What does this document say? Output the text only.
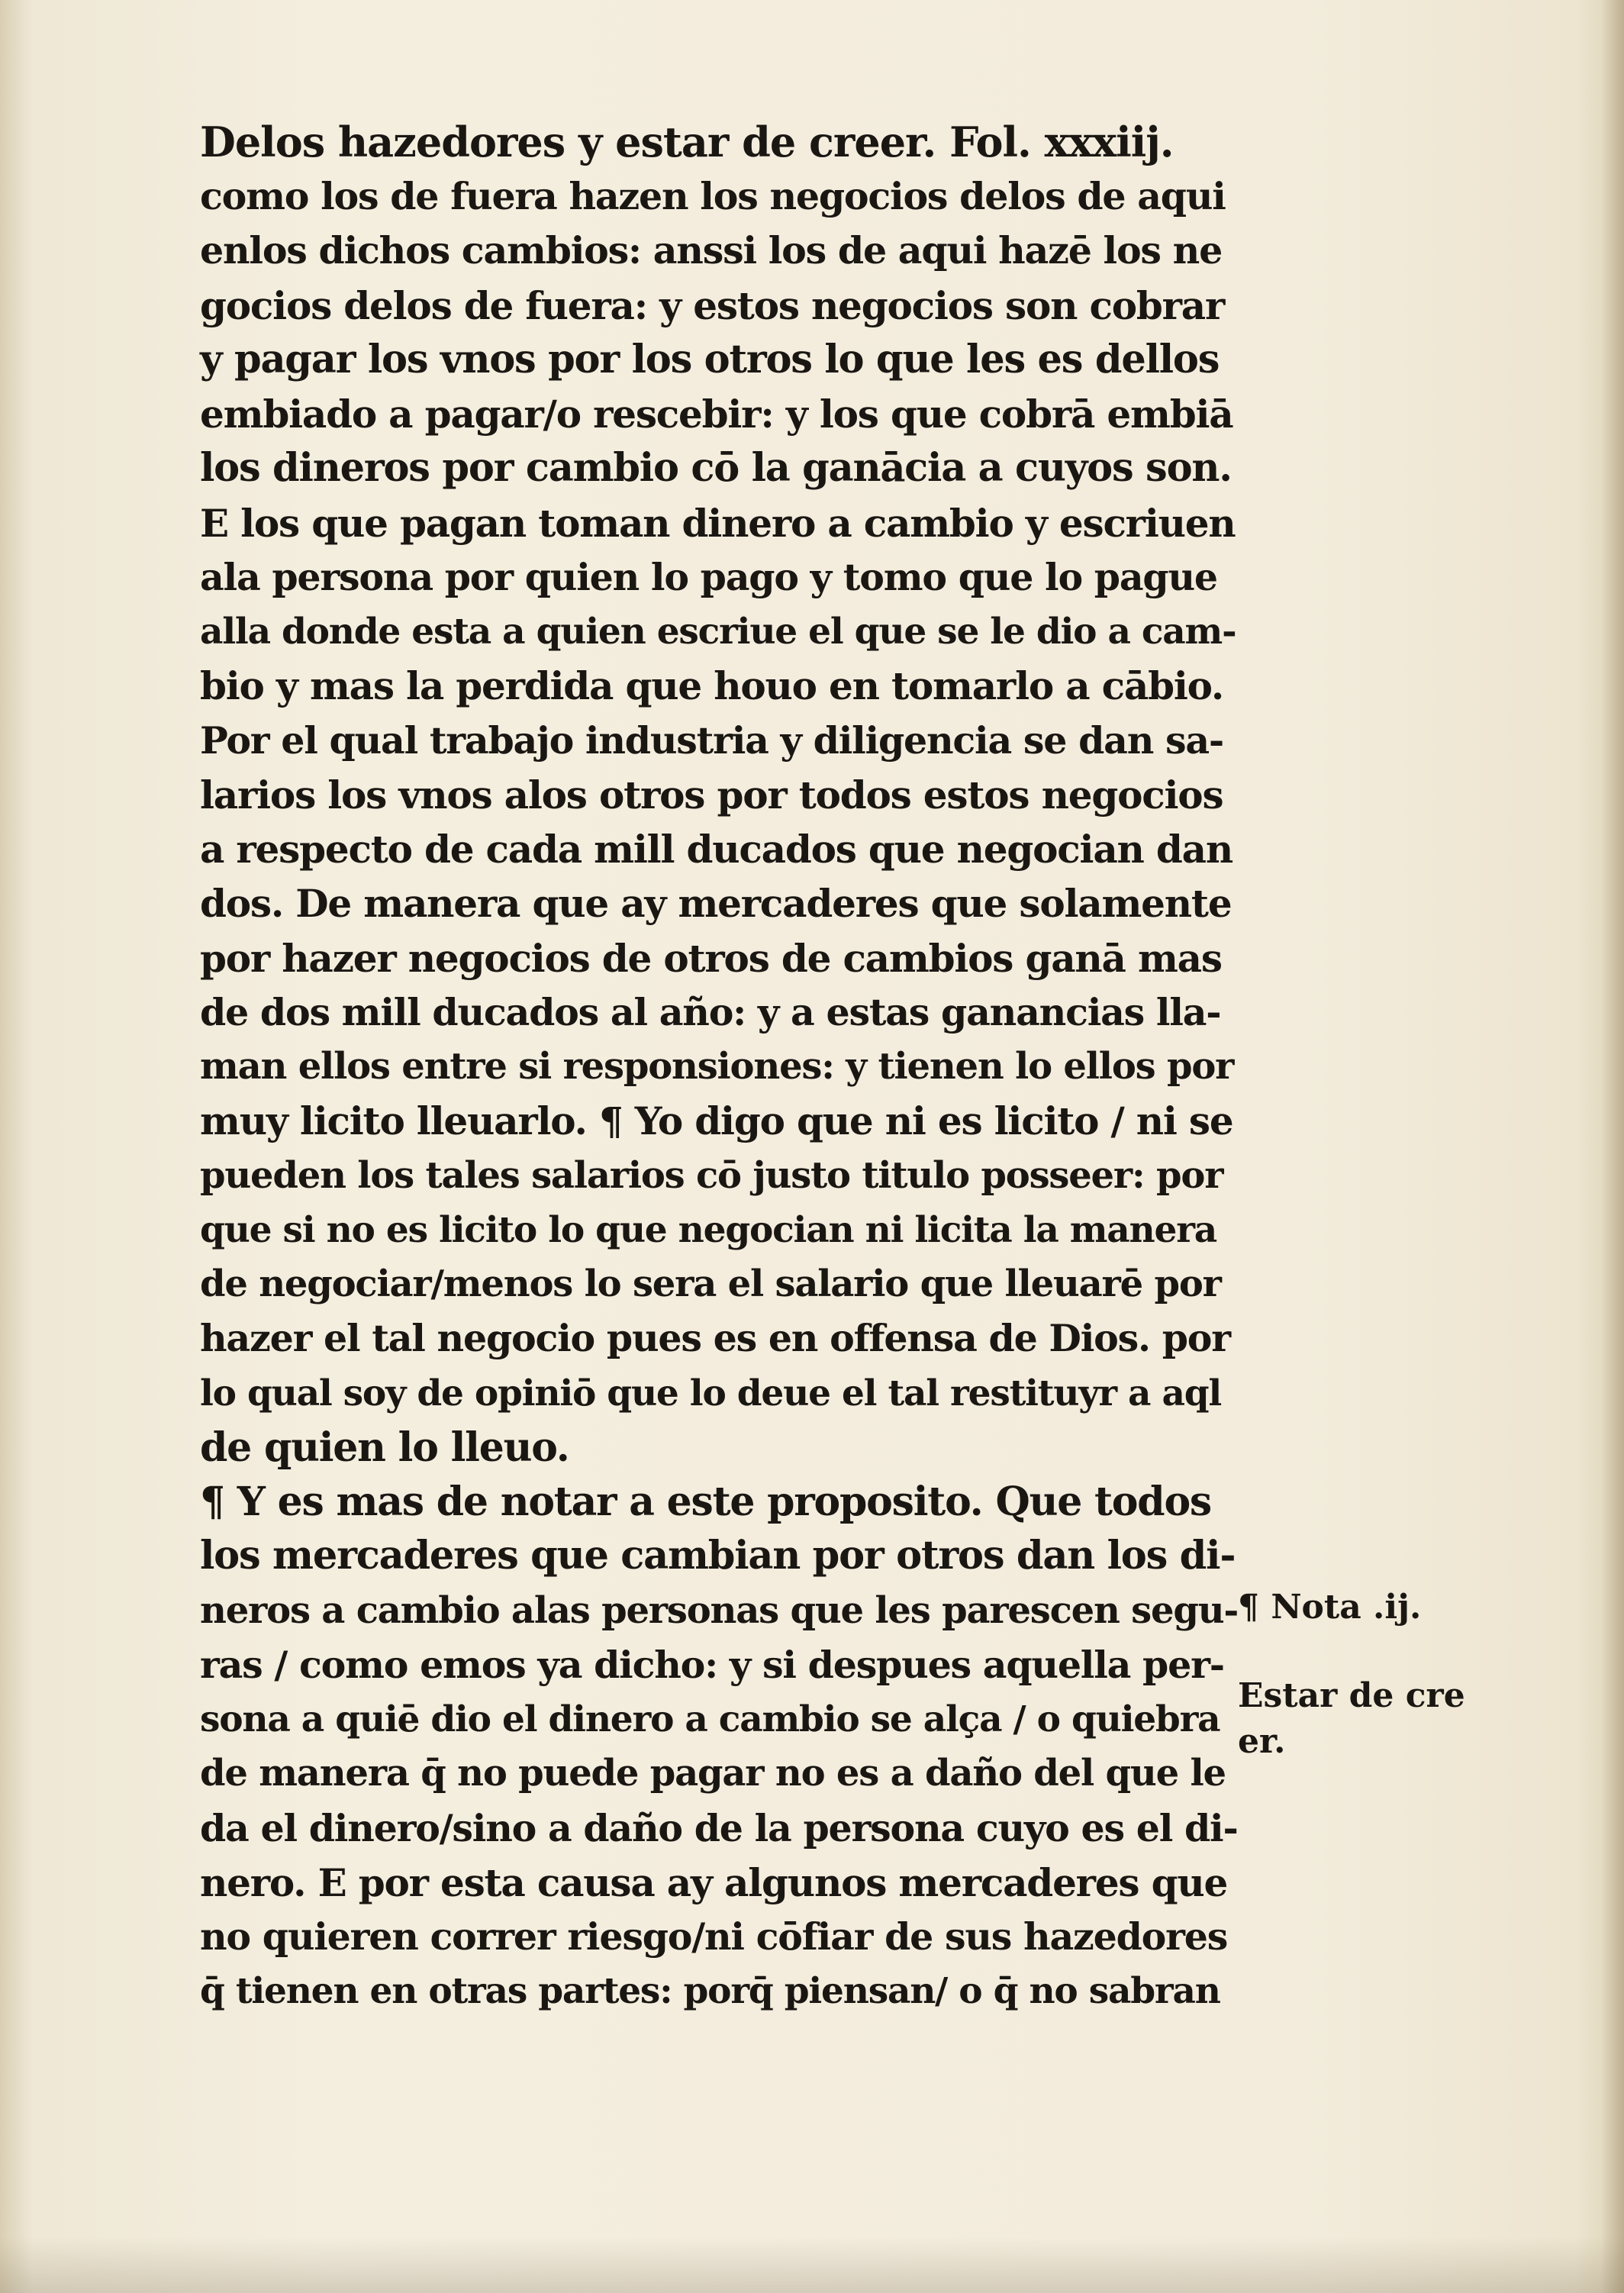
Delos hazedores y estar de creer. Fol. xxxiij.
como los de fuera hazen los negocios delos de aqui
enlos dichos cambios: anssi los de aqui hazē los ne
gocios delos de fuera: y estos negocios son cobrar
y pagar los vnos por los otros lo que les es dellos
embiado a pagar/o rescebir: y los que cobrā embiā
los dineros por cambio cō la ganācia a cuyos son.
E los que pagan toman dinero a cambio y escriuen
ala persona por quien lo pago y tomo que lo pague
alla donde esta a quien escriue el que se le dio a cam-
bio y mas la perdida que houo en tomarlo a cābio.
Por el qual trabajo industria y diligencia se dan sa-
larios los vnos alos otros por todos estos negocios
a respecto de cada mill ducados que negocian dan
dos. De manera que ay mercaderes que solamente
por hazer negocios de otros de cambios ganā mas
de dos mill ducados al año: y a estas ganancias lla-
man ellos entre si responsiones: y tienen lo ellos por
muy licito lleuarlo. ¶ Yo digo que ni es licito / ni se
pueden los tales salarios cō justo titulo posseer: por
que si no es licito lo que negocian ni licita la manera
de negociar/menos lo sera el salario que lleuarē por
hazer el tal negocio pues es en offensa de Dios. por
lo qual soy de opiniō que lo deue el tal restituyr a aql
de quien lo lleuo.
¶ Y es mas de notar a este proposito. Que todos
los mercaderes que cambian por otros dan los di-
neros a cambio alas personas que les parescen segu-
ras / como emos ya dicho: y si despues aquella per-
sona a quiē dio el dinero a cambio se alça / o quiebra
de manera q̄ no puede pagar no es a daño del que le
da el dinero/sino a daño de la persona cuyo es el di-
nero. E por esta causa ay algunos mercaderes que
no quieren correr riesgo/ni cōfiar de sus hazedores
q̄ tienen en otras partes: porq̄ piensan/ o q̄ no sabran
¶ Nota .ij.
Estar de cre
er.
